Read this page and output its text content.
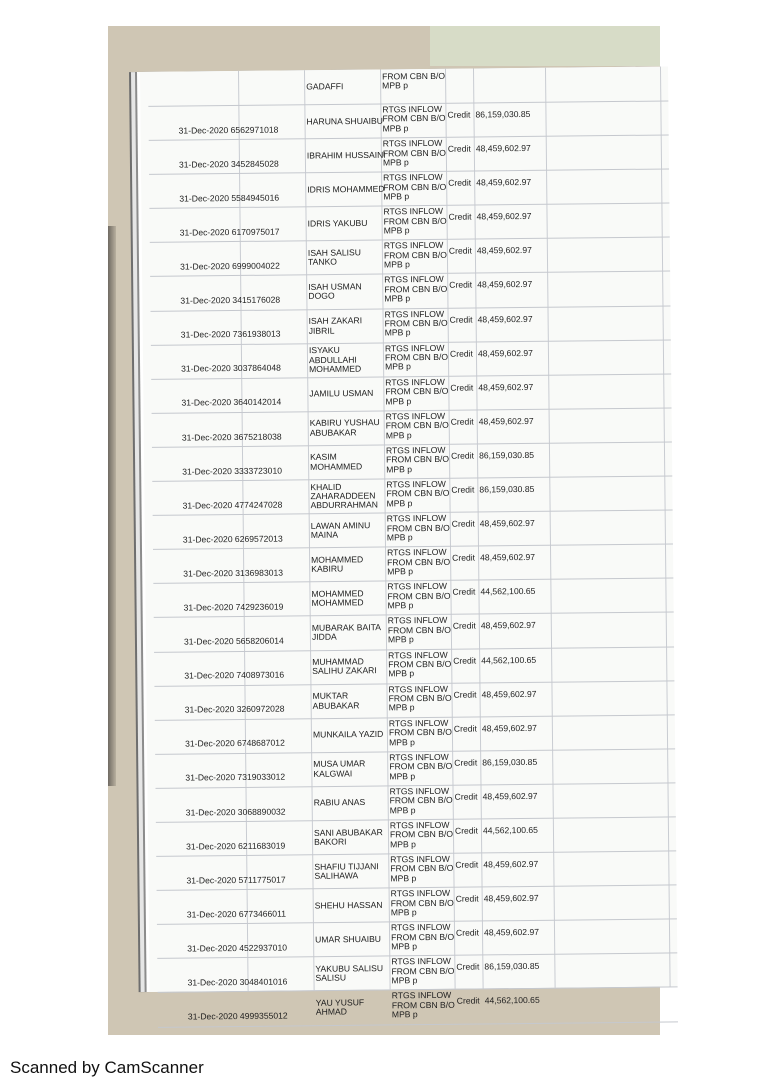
GADAFFI
FROM CBN B/O MPB p
31-Dec-2020 6562971018
HARUNA SHUAIBU
RTGS INFLOW FROM CBN B/O MPB p
Credit 86,159,030.85
31-Dec-2020 3452845028
IBRAHIM HUSSAINI
RTGS INFLOW FROM CBN B/O MPB p
Credit 48,459,602.97
31-Dec-2020 5584945016
IDRIS MOHAMMED
RTGS INFLOW FROM CBN B/O MPB p
Credit 48,459,602.97
31-Dec-2020 6170975017
IDRIS YAKUBU
RTGS INFLOW FROM CBN B/O MPB p
Credit 48,459,602.97
31-Dec-2020 6999004022
ISAH SALISU TANKO
RTGS INFLOW FROM CBN B/O MPB p
Credit 48,459,602.97
31-Dec-2020 3415176028
ISAH USMAN DOGO
RTGS INFLOW FROM CBN B/O MPB p
Credit 48,459,602.97
31-Dec-2020 7361938013
ISAH ZAKARI JIBRIL
RTGS INFLOW FROM CBN B/O MPB p
Credit 48,459,602.97
31-Dec-2020 3037864048
ISYAKU ABDULLAHI MOHAMMED
RTGS INFLOW FROM CBN B/O MPB p
Credit 48,459,602.97
31-Dec-2020 3640142014
JAMILU USMAN
RTGS INFLOW FROM CBN B/O MPB p
Credit 48,459,602.97
31-Dec-2020 3675218038
KABIRU YUSHAU ABUBAKAR
RTGS INFLOW FROM CBN B/O MPB p
Credit 48,459,602.97
31-Dec-2020 3333723010
KASIM MOHAMMED
RTGS INFLOW FROM CBN B/O MPB p
Credit 86,159,030.85
31-Dec-2020 4774247028
KHALID ZAHARADDEEN ABDURRAHMAN
RTGS INFLOW FROM CBN B/O MPB p
Credit 86,159,030.85
31-Dec-2020 6269572013
LAWAN AMINU MAINA
RTGS INFLOW FROM CBN B/O MPB p
Credit 48,459,602.97
31-Dec-2020 3136983013
MOHAMMED KABIRU
RTGS INFLOW FROM CBN B/O MPB p
Credit 48,459,602.97
31-Dec-2020 7429236019
MOHAMMED MOHAMMED
RTGS INFLOW FROM CBN B/O MPB p
Credit 44,562,100.65
31-Dec-2020 5658206014
MUBARAK BAITA JIDDA
RTGS INFLOW FROM CBN B/O MPB p
Credit 48,459,602.97
31-Dec-2020 7408973016
MUHAMMAD SALIHU ZAKARI
RTGS INFLOW FROM CBN B/O MPB p
Credit 44,562,100.65
31-Dec-2020 3260972028
MUKTAR ABUBAKAR
RTGS INFLOW FROM CBN B/O MPB p
Credit 48,459,602.97
31-Dec-2020 6748687012
MUNKAILA YAZID
RTGS INFLOW FROM CBN B/O MPB p
Credit 48,459,602.97
31-Dec-2020 7319033012
MUSA UMAR KALGWAI
RTGS INFLOW FROM CBN B/O MPB p
Credit 86,159,030.85
31-Dec-2020 3068890032
RABIU ANAS
RTGS INFLOW FROM CBN B/O MPB p
Credit 48,459,602.97
31-Dec-2020 6211683019
SANI ABUBAKAR BAKORI
RTGS INFLOW FROM CBN B/O MPB p
Credit 44,562,100.65
31-Dec-2020 5711775017
SHAFIU TIJJANI SALIHAWA
RTGS INFLOW FROM CBN B/O MPB p
Credit 48,459,602.97
31-Dec-2020 6773466011
SHEHU HASSAN
RTGS INFLOW FROM CBN B/O MPB p
Credit 48,459,602.97
31-Dec-2020 4522937010
UMAR SHUAIBU
RTGS INFLOW FROM CBN B/O MPB p
Credit 48,459,602.97
31-Dec-2020 3048401016
YAKUBU SALISU SALISU
RTGS INFLOW FROM CBN B/O MPB p
Credit 86,159,030.85
31-Dec-2020 4999355012
YAU YUSUF AHMAD
RTGS INFLOW FROM CBN B/O MPB p
Credit 44,562,100.65
Scanned by CamScanner
